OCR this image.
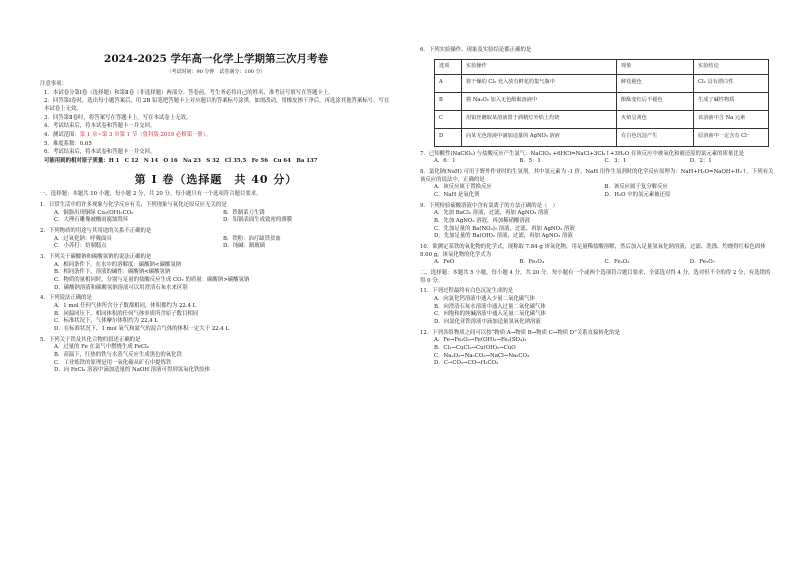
2024-2025 学年高一化学上学期第三次月考卷
（考试时间：90 分钟　试卷满分：100 分）
注意事项：
1．本试卷分第Ⅰ卷（选择题）和第Ⅱ卷（非选择题）两部分。答卷前，考生务必将自己的姓名、准考证号填写在答题卡上。
2．回答第Ⅰ卷时，选出每小题答案后，用 2B 铅笔把答题卡上对应题目的答案标号涂黑。如需改动，用橡皮擦干净后，再选涂其他答案标号。写在本试卷上无效。
3．回答第Ⅱ卷时，将答案写在答题卡上。写在本试卷上无效。
4．考试结束后，将本试卷和答题卡一并交回。
4．测试范围：第 1 章~第 3 章第 1 节（鲁科版 2019 必修第一册）。
5．难度系数：0.65
6．考试结束后，将本试卷和答题卡一并交回。
可能用到的相对原子质量：H 1　C 12　N 14　O 16　Na 23　S 32　Cl 35.5　Fe 56　Cu 64　Ba 137
第 I 卷（选择题　共 40 分）
一、选择题：本题共 10 小题，每小题 2 分，共 20 分。每小题只有一个选项符合题目要求。
1．日常生活中的许多现象与化学反应有关，下列现象与氧化还原反应无关的是
A．铜器出现铜绿 Cu₂(OH)₂CO₃	B．铁制菜刀生锈
C．大理石雕像被酸雨腐蚀毁坏	D．铝锅表面生成致密的薄膜
2．下列物质的用途与其用途的关系不正确的是
A．过氧化钠：呼吸面具	B．铁粉：治疗缺铁贫血
C．小苏打：焙制糕点	D．纯碱：制玻璃
3．下列关于碳酸钠和碳酸氢钠的说法正确的是
A．相同条件下，在水中的溶解度：碳酸钠<碳酸氢钠
B．相同条件下，溶液的碱性：碳酸钠<碳酸氢钠
C．物质的量相同时，分别与足量的盐酸反应生成 CO₂ 的质量：碳酸钠>碳酸氢钠
D．碳酸钠溶液和碳酸氢钠溶液可以用澄清石灰水来区别
4．下列说法正确的是
A．1 mol 任何气体所含分子数都相同，体积都约为 22.4 L
B．同温同压下，相同体积的任何气体单质所含原子数目相同
C．标准状况下，气体摩尔体积约为 22.4 L
D．在标准状况下，1 mol 氧气和氮气的混合气体的体积一定大于 22.4 L
5．下列关于铁及其化合物的叙述正确的是
A．过量的 Fe 在氯气中燃烧生成 FeCl₂
B．高温下，红热的铁与水蒸气反应生成黑色的氧化铁
C．工业炼铁的原理是用一氧化碳从矿石中提炼铁
D．向 FeCl₃ 溶液中滴加适量的 NaOH 溶液可得到氢氧化铁胶体
6．下列实验操作、现象及实验结论都正确的是
选项	实验操作	现象	实验结论
A	将干燥的 Cl₂ 充入放有鲜花的集气瓶中	鲜花褪色	Cl₂ 具有漂白性
B	将 Na₂O₂ 加入无色酚酞溶液中	酚酞变红后不褪色	生成了碱性物质
C	用铂丝蘸取某溶液置于酒精灯外焰上灼烧	火焰呈黄色	该溶液中含 Na 元素
D	向某无色溶液中滴加适量的 AgNO₃ 溶液	有白色沉淀产生	原溶液中一定含有 Cl⁻
7．已知酸性(NaClO₃) 与盐酸反应产生氯气：NaClO₃ +6HCl=NaCl+3Cl₂↑+3H₂O 在该反应中被氧化和被还原的氯元素的质量比是
A．6：1	B．5：1	C．3：1	D．2：1
8．氯化钠(NaH) 可用于野外作业时的生氢剂，其中氢元素为 -1 价。NaH 用作生氢剂时的化学反应原理为：NaH+H₂O=NaOH+H₂↑。下列有关该反应的说法中，正确的是
A．该反应属于置换反应	B．该反应属于复分解反应
C．NaH 是氧化剂	D．H₂O 中的氢元素被还原
9．下列检验硫酸溶液中含有氯离子的方法正确的是（　）
A．先加 BaCl₂ 溶液，过滤，再加 AgNO₃ 溶液
B．先加 AgNO₃ 溶液，再加稀硝酸溶液
C．先加足量的 Ba(NO₃)₂ 溶液，过滤，再加 AgNO₃ 溶液
D．先加足量的 Ba(OH)₂ 溶液，过滤，再加 AgNO₃ 溶液
10．欲测定某铁的氧化物的化学式，现称取 7.84 g 该氧化物，用足量稀盐酸溶解，然后加入足量氢氧化钠溶液，过滤、洗涤、灼烧得红棕色固体 8.00 g，该氧化物的化学式为
A．FeO	B．Fe₃O₄	C．Fe₂O₃	D．Fe₅O₇
二、选择题：本题共 5 小题，每小题 4 分，共 20 分。每小题有一个或两个选项符合题目要求，全部选对得 4 分，选对但不全的得 2 分，有选错的得 0 分。
11．下列过程最终有白色沉淀生成的是
A．向氯化钙溶液中通入少量二氧化碳气体
B．向澄清石灰水溶液中通入过量二氧化碳气体
C．向饱和的纯碱溶液中通入足量二氧化碳气体
D．向氯化亚铁溶液中滴加适量氢氧化钠溶液
12．下列各组物质之间可以按“物质 A→物质 B→物质 C→物质 D”关系直接转化的是
A．Fe→Fe₂O₃→Fe(OH)₃→Fe₂(SO₄)₃
B．Cl₂→CuCl₂→Cu(OH)₂→CuO
C．Na₂O₂→Na₂CO₃→NaCl→Na₂CO₃
D．C→CO₂→CO→H₂CO₃
